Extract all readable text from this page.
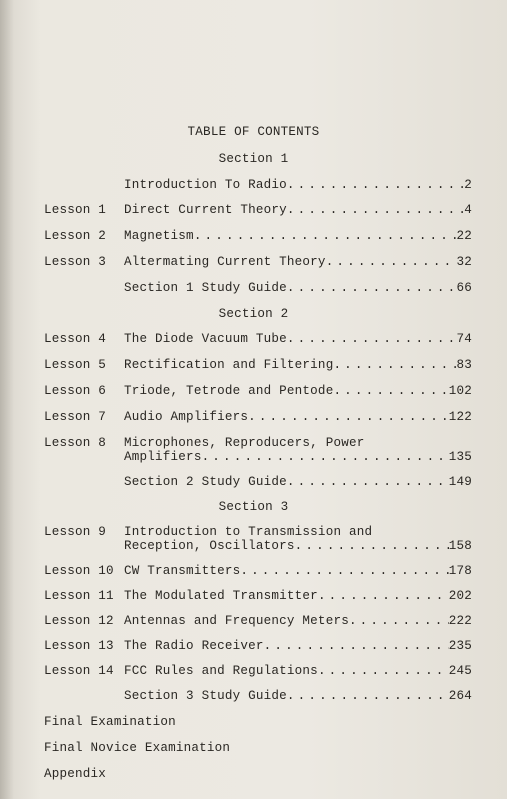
TABLE OF CONTENTS
Section 1
Introduction To Radio . . .	2
Lesson 1 Direct Current Theory . . .	4
Lesson 2 Magnetism . . .	22
Lesson 3 Altermating Current Theory . . .	32
Section 1 Study Guide . . .	66
Section 2
Lesson 4 The Diode Vacuum Tube . . .	74
Lesson 5 Rectification and Filtering . . .	83
Lesson 6 Triode, Tetrode and Pentode . . .	102
Lesson 7 Audio Amplifiers . . .	122
Lesson 8 Microphones, Reproducers, Power
Amplifiers . . .	135
Section 2 Study Guide . . .	149
Section 3
Lesson 9 Introduction to Transmission and
Reception, Oscillators . . .	158
Lesson 10 CW Transmitters . . .	178
Lesson 11 The Modulated Transmitter . . .	202
Lesson 12 Antennas and Frequency Meters . . .	222
Lesson 13 The Radio Receiver . . .	235
Lesson 14 FCC Rules and Regulations . . .	245
Section 3 Study Guide . . .	264
Final Examination
Final Novice Examination
Appendix
